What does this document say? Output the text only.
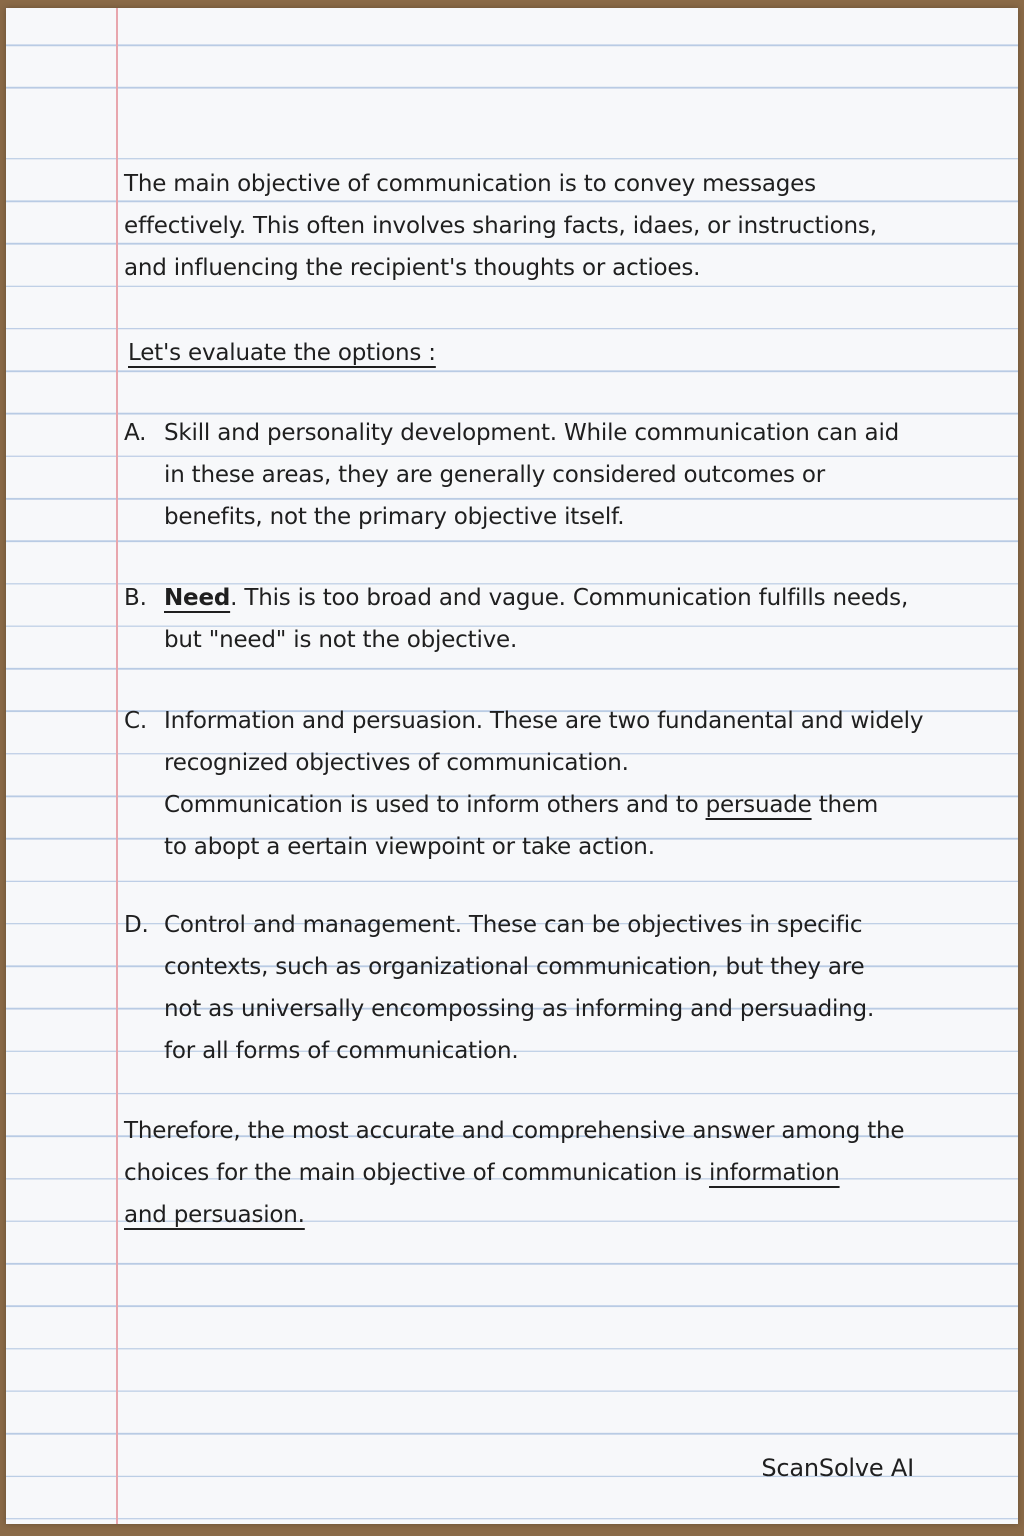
The main objective of communication is to convey messages
effectively. This often involves sharing facts, idaes, or instructions,
and influencing the recipient's thoughts or actioes.
Let's evaluate the options :
A. Skill and personality development. While communication can aid
in these areas, they are generally considered outcomes or
benefits, not the primary objective itself.
B. Need. This is too broad and vague. Communication fulfills needs,
but "need" is not the objective.
C. Information and persuasion. These are two fundanental and widely
recognized objectives of communication.
Communication is used to inform others and to persuade them
to abopt a eertain viewpoint or take action.
D. Control and management. These can be objectives in specific
contexts, such as organizational communication, but they are
not as universally encompossing as informing and persuading.
for all forms of communication.
Therefore, the most accurate and comprehensive answer among the
choices for the main objective of communication is information
and persuasion.
ScanSolve AI
